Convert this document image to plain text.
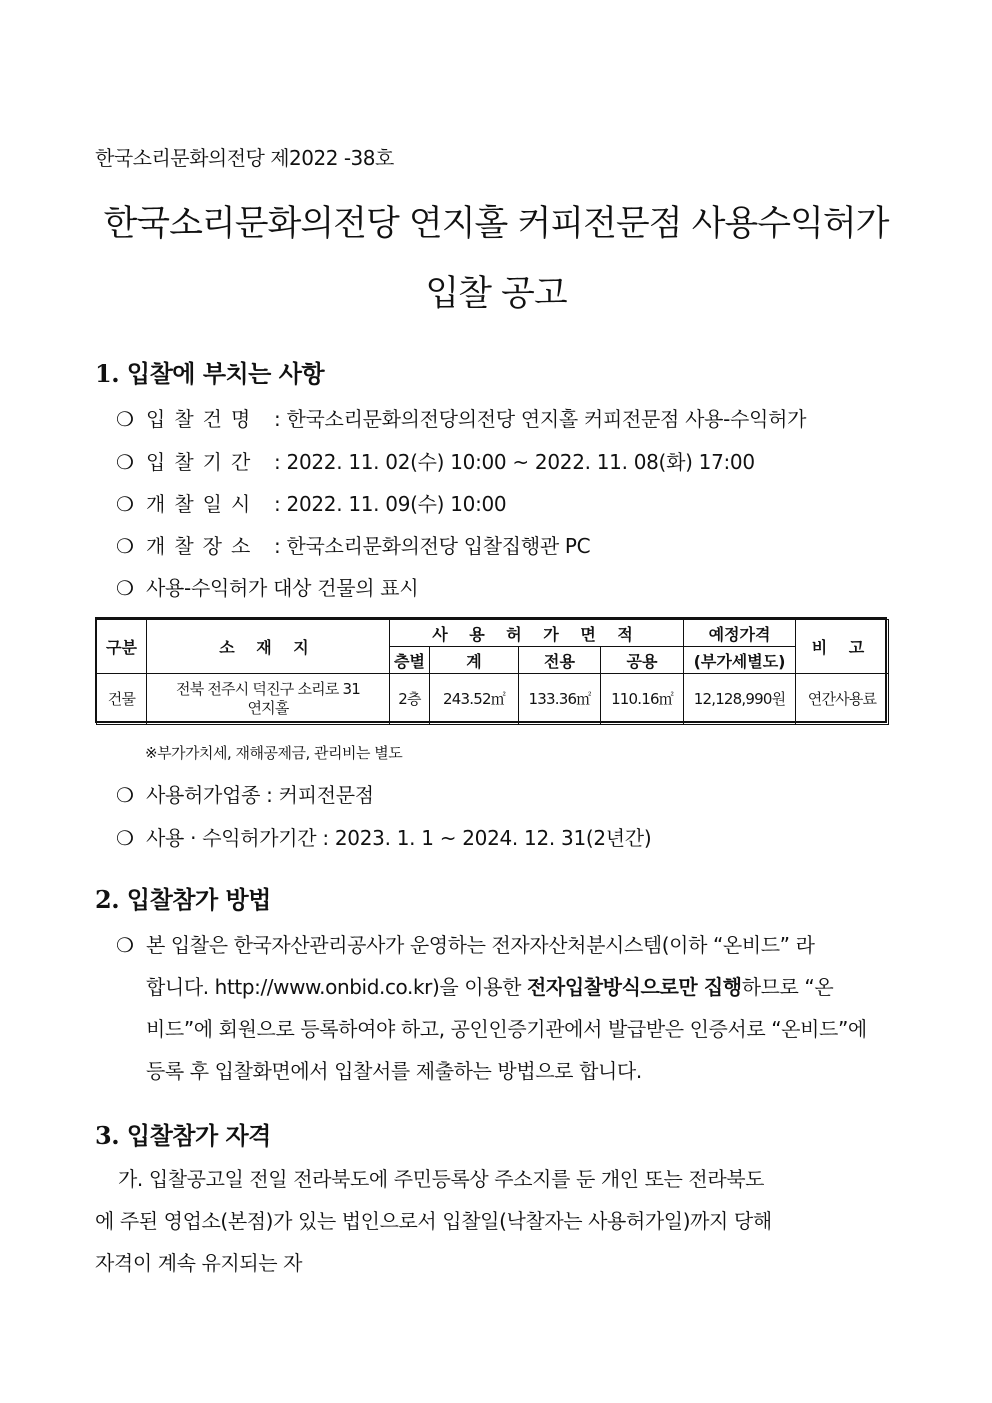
한국소리문화의전당 제2022 -38호
한국소리문화의전당 연지홀 커피전문점 사용수익허가
입찰 공고
1. 입찰에 부치는 사항
❍ 입찰건명 : 한국소리문화의전당의전당 연지홀 커피전문점 사용-수익허가
❍ 입찰기간 : 2022. 11. 02(수) 10:00 ~ 2022. 11. 08(화) 17:00
❍ 개찰일시 : 2022. 11. 09(수) 10:00
❍ 개찰장소 : 한국소리문화의전당 입찰집행관 PC
❍ 사용-수익허가 대상 건물의 표시
구분	소 재 지	사 용 허 가 면 적				예정가격	비 고
		층별	계	전용	공용	(부가세별도)	
건물	전북 전주시 덕진구 소리로 31
연지홀	2층	243.52㎡	133.36㎡	110.16㎡	12,128,990원	연간사용료
※부가가치세, 재해공제금, 관리비는 별도
❍ 사용허가업종 : 커피전문점
❍ 사용 · 수익허가기간 : 2023. 1. 1 ~ 2024. 12. 31(2년간)
2. 입찰참가 방법
❍ 본 입찰은 한국자산관리공사가 운영하는 전자자산처분시스템(이하 “온비드” 라
합니다. http://www.onbid.co.kr)을 이용한 전자입찰방식으로만 집행하므로 “온
비드”에 회원으로 등록하여야 하고, 공인인증기관에서 발급받은 인증서로 “온비드”에
등록 후 입찰화면에서 입찰서를 제출하는 방법으로 합니다.
3. 입찰참가 자격
가. 입찰공고일 전일 전라북도에 주민등록상 주소지를 둔 개인 또는 전라북도
에 주된 영업소(본점)가 있는 법인으로서 입찰일(낙찰자는 사용허가일)까지 당해
자격이 계속 유지되는 자
